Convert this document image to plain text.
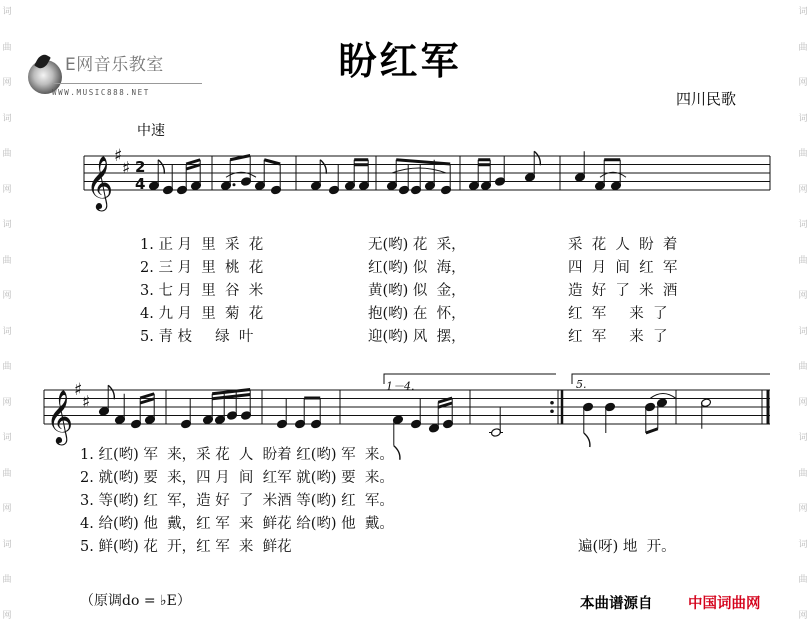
词
曲
网
词
曲
网
词
曲
网
词
曲
网
词
曲
网
词
曲
网
词
曲
网
词
曲
网
词
曲
网
词
曲
网
词
曲
网
词
曲
网
E网音乐教室
WWW.MUSIC888.NET
盼红军
四川民歌
中速
𝄞 ♯
♯ 2
4
𝄞 ♯
♯
1－4.	5.
1. 正 月  里  采  花	无(哟) 花  采，	采  花  人  盼  着
2. 三 月  里  桃  花	红(哟) 似  海，	四  月  间  红  军
3. 七 月  里  谷  米	黄(哟) 似  金，	造  好  了  米  酒
4. 九 月  里  菊  花	抱(哟) 在  怀，	红  军     来  了
5. 青 枝     绿  叶	迎(哟) 风  摆，	红  军     来  了
1. 红(哟) 军  来，采 花  人  盼着 红(哟) 军  来。
2. 就(哟) 要  来，四 月  间  红军 就(哟) 要  来。
3. 等(哟) 红  军，造 好  了  米酒 等(哟) 红  军。
4. 给(哟) 他  戴，红 军  来  鲜花 给(哟) 他  戴。
5. 鲜(哟) 花  开，红 军  来  鲜花	遍(呀) 地  开。
（原调do = ♭E）	本曲谱源自 中国词曲网
